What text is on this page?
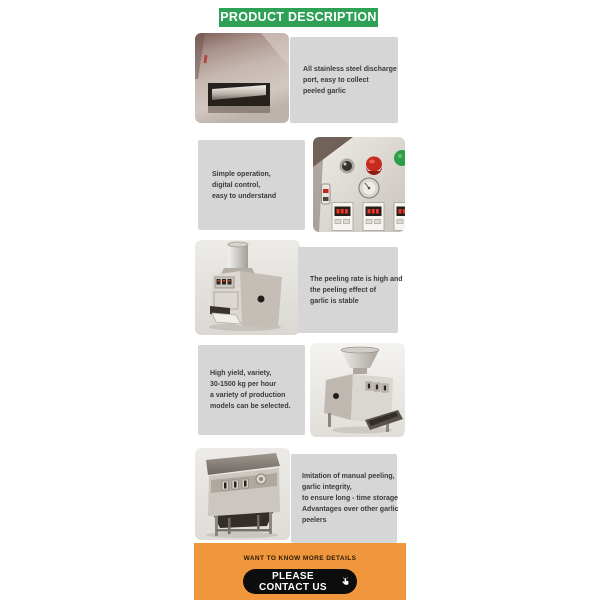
PRODUCT DESCRIPTION
All stainless steel discharge
port, easy to collect
peeled garlic
Simple operation,
digital control,
easy to understand
The peeling rate is high and
the peeling effect of
garlic is stable
High yield, variety,
30-1500 kg per hour
a variety of production
models can be selected.
Imitation of manual peeling,
garlic integrity,
to ensure long - time storage
Advantages over other garlic
peelers
WANT TO KNOW MORE DETAILS
PLEASE CONTACT US
